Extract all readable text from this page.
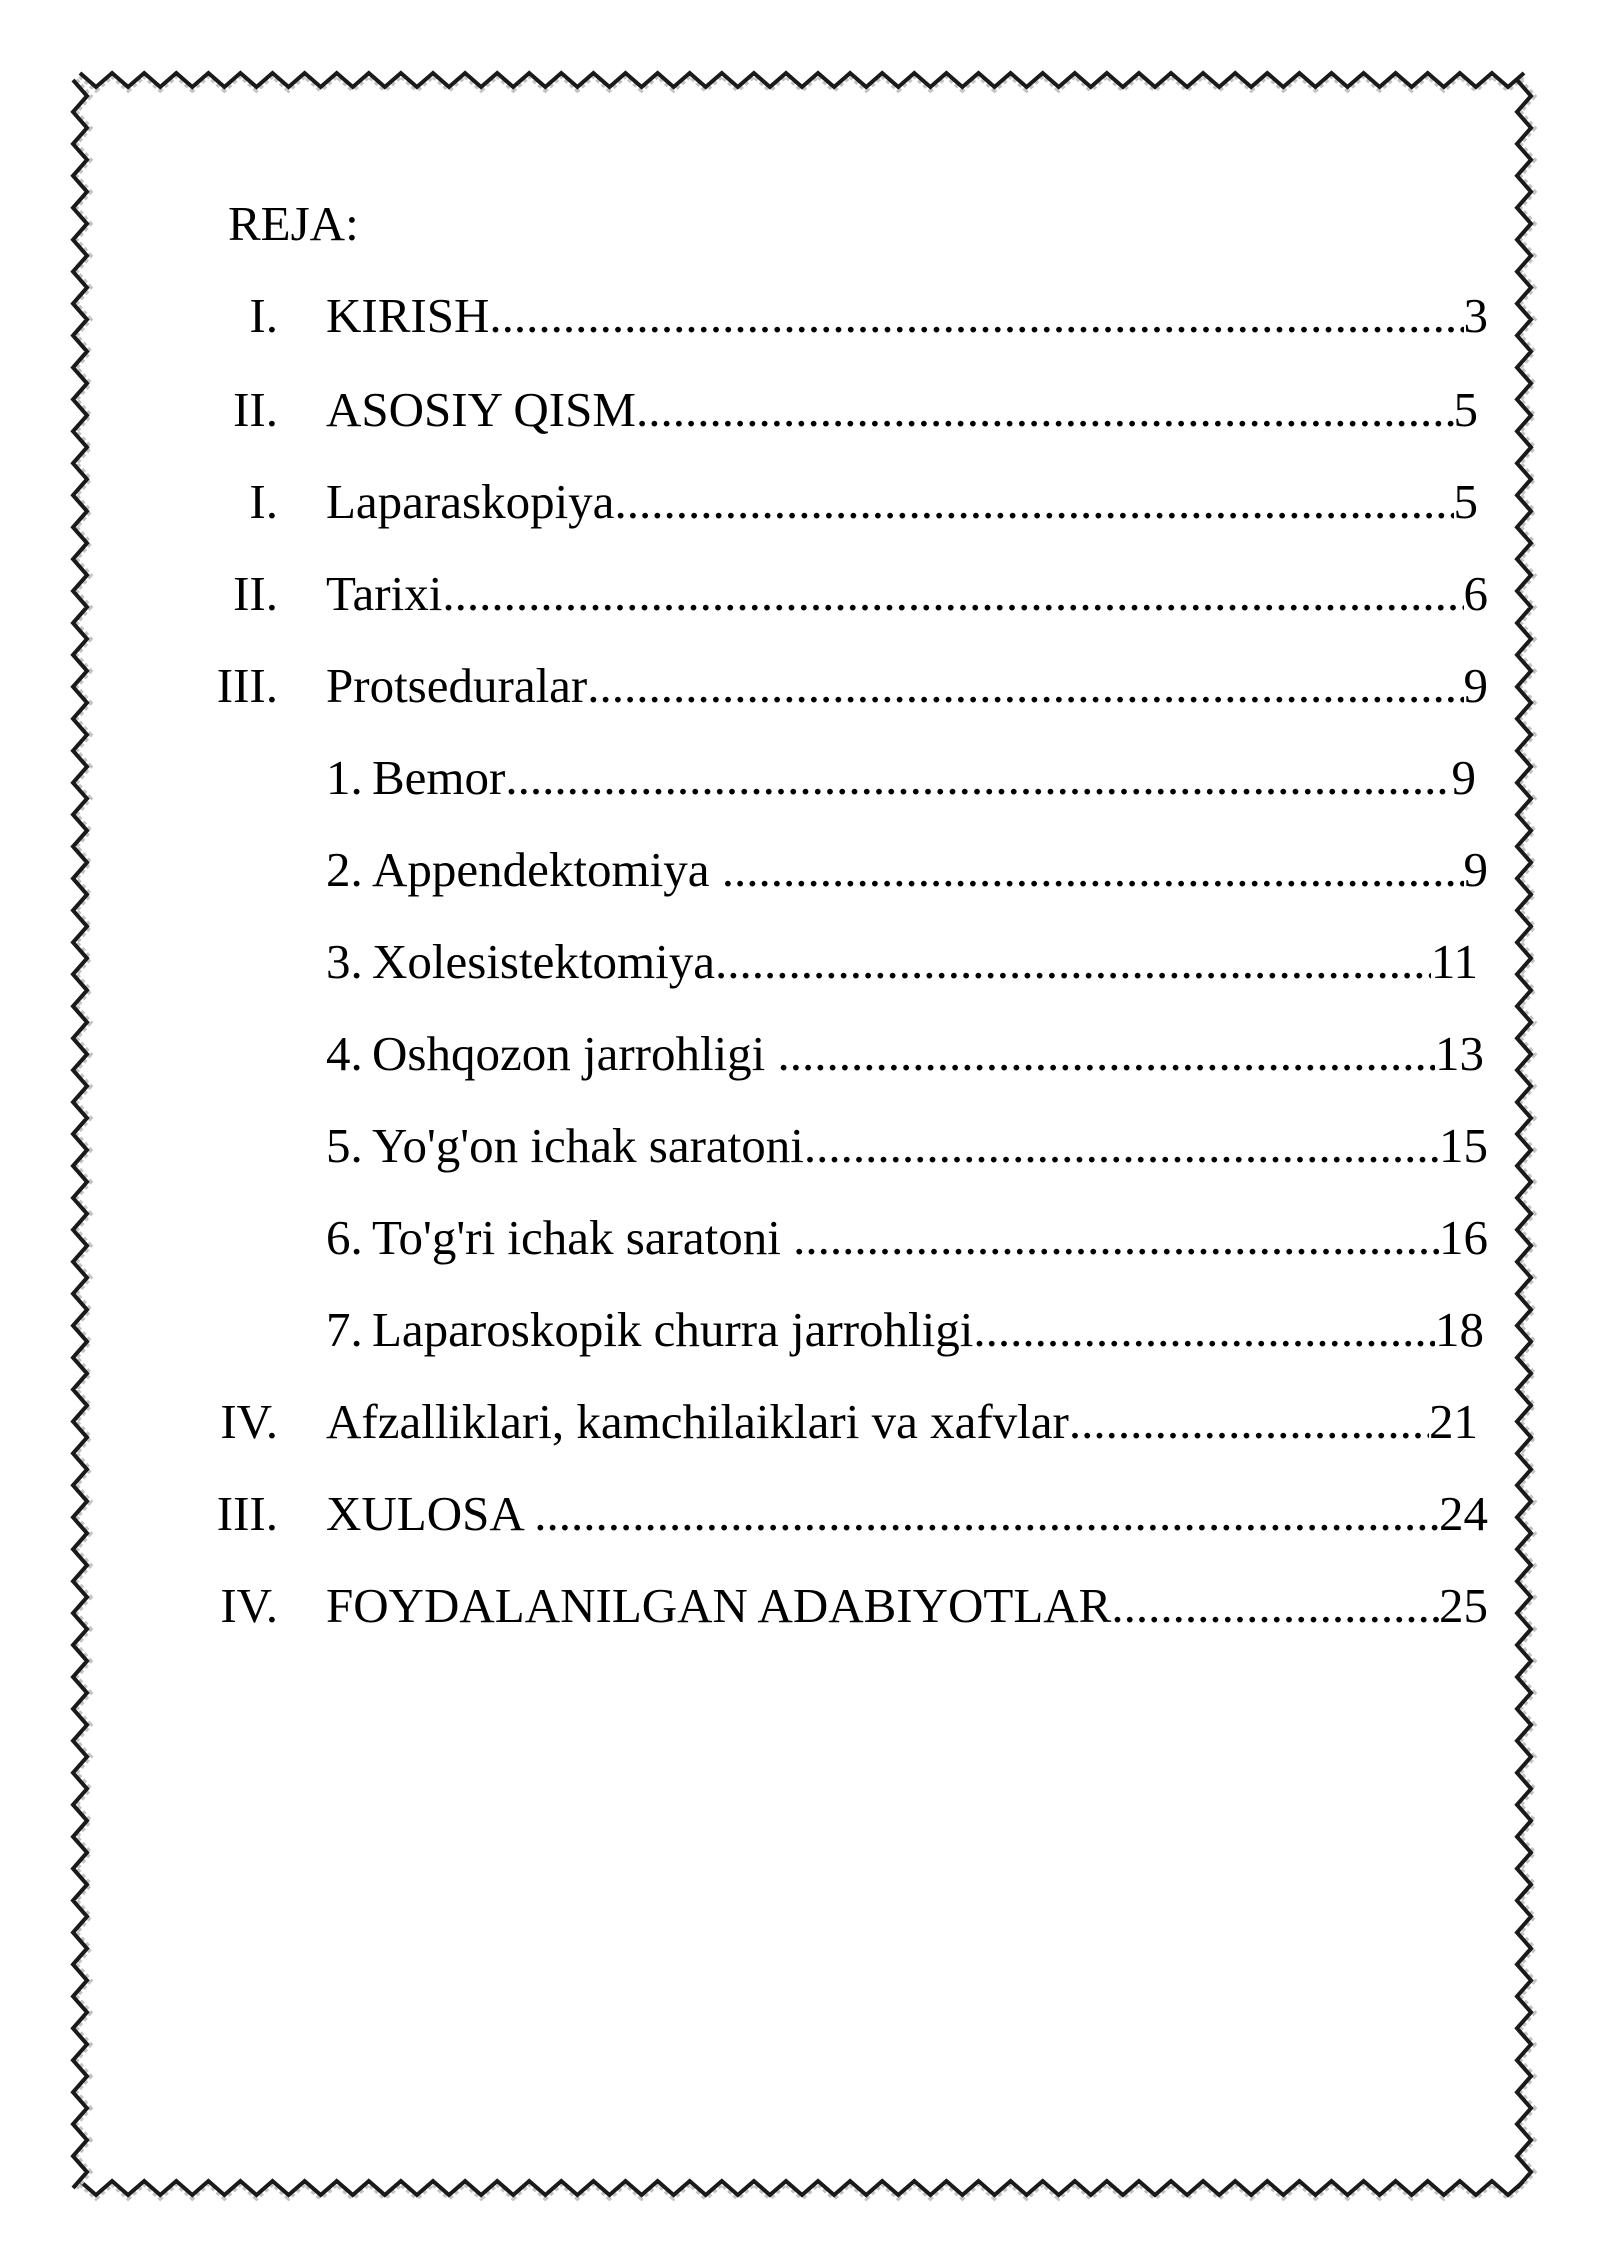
REJA:
I. KIRISH .....	3
II. ASOSIY QISM .....	5
I. Laparaskopiya .....	5
II. Tarixi .....	6
III. Protseduralar .....	9
1. Bemor .....	9
2. Appendektomiya .....	9
3. Xolesistektomiya .....	11
4. Oshqozon jarrohligi .....	13
5. Yo'g'on ichak saratoni .....	15
6. To'g'ri ichak saratoni .....	16
7. Laparoskopik churra jarrohligi .....	18
IV. Afzalliklari, kamchilaiklari va xafvlar .....	21
III. XULOSA .....	24
IV. FOYDALANILGAN ADABIYOTLAR .....	25
